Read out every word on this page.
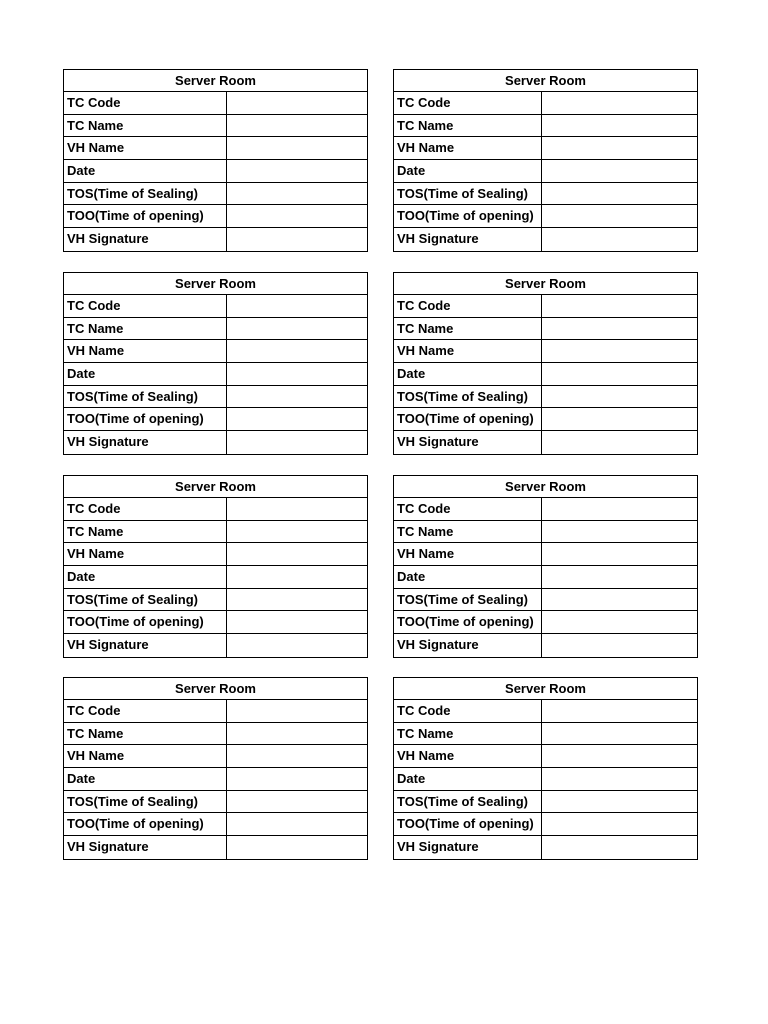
Server Room
TC Code
TC Name
VH Name
Date
TOS(Time of Sealing)
TOO(Time of opening)
VH Signature
Server Room
TC Code
TC Name
VH Name
Date
TOS(Time of Sealing)
TOO(Time of opening)
VH Signature
Server Room
TC Code
TC Name
VH Name
Date
TOS(Time of Sealing)
TOO(Time of opening)
VH Signature
Server Room
TC Code
TC Name
VH Name
Date
TOS(Time of Sealing)
TOO(Time of opening)
VH Signature
Server Room
TC Code
TC Name
VH Name
Date
TOS(Time of Sealing)
TOO(Time of opening)
VH Signature
Server Room
TC Code
TC Name
VH Name
Date
TOS(Time of Sealing)
TOO(Time of opening)
VH Signature
Server Room
TC Code
TC Name
VH Name
Date
TOS(Time of Sealing)
TOO(Time of opening)
VH Signature
Server Room
TC Code
TC Name
VH Name
Date
TOS(Time of Sealing)
TOO(Time of opening)
VH Signature
